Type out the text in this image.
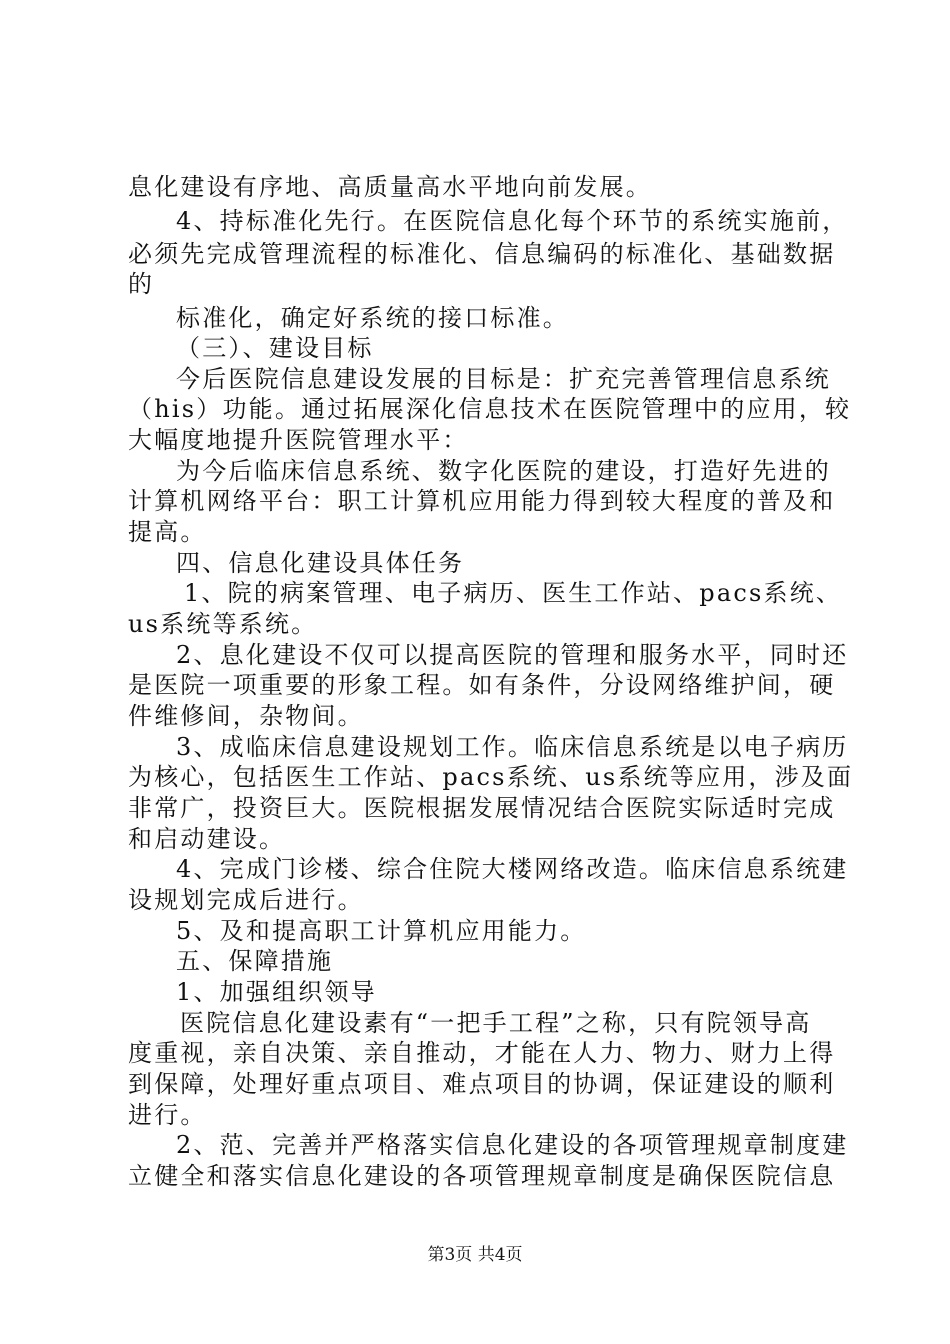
息化建设有序地、高质量高水平地向前发展。
4、持标准化先行。在医院信息化每个环节的系统实施前，
必须先完成管理流程的标准化、信息编码的标准化、基础数据
的
标准化，确定好系统的接口标准。
（三）、建设目标
今后医院信息建设发展的目标是：扩充完善管理信息系统
（his）功能。通过拓展深化信息技术在医院管理中的应用，较
大幅度地提升医院管理水平：
为今后临床信息系统、数字化医院的建设，打造好先进的
计算机网络平台：职工计算机应用能力得到较大程度的普及和
提高。
四、信息化建设具体任务
1、院的病案管理、电子病历、医生工作站、pacs系统、
us系统等系统。
2、息化建设不仅可以提高医院的管理和服务水平，同时还
是医院一项重要的形象工程。如有条件，分设网络维护间，硬
件维修间，杂物间。
3、成临床信息建设规划工作。临床信息系统是以电子病历
为核心，包括医生工作站、pacs系统、us系统等应用，涉及面
非常广，投资巨大。医院根据发展情况结合医院实际适时完成
和启动建设。
4、完成门诊楼、综合住院大楼网络改造。临床信息系统建
设规划完成后进行。
5、及和提高职工计算机应用能力。
五、保障措施
1、加强组织领导
医院信息化建设素有“一把手工程”之称，只有院领导高
度重视，亲自决策、亲自推动，才能在人力、物力、财力上得
到保障，处理好重点项目、难点项目的协调，保证建设的顺利
进行。
2、范、完善并严格落实信息化建设的各项管理规章制度建
立健全和落实信息化建设的各项管理规章制度是确保医院信息
第3页 共4页
